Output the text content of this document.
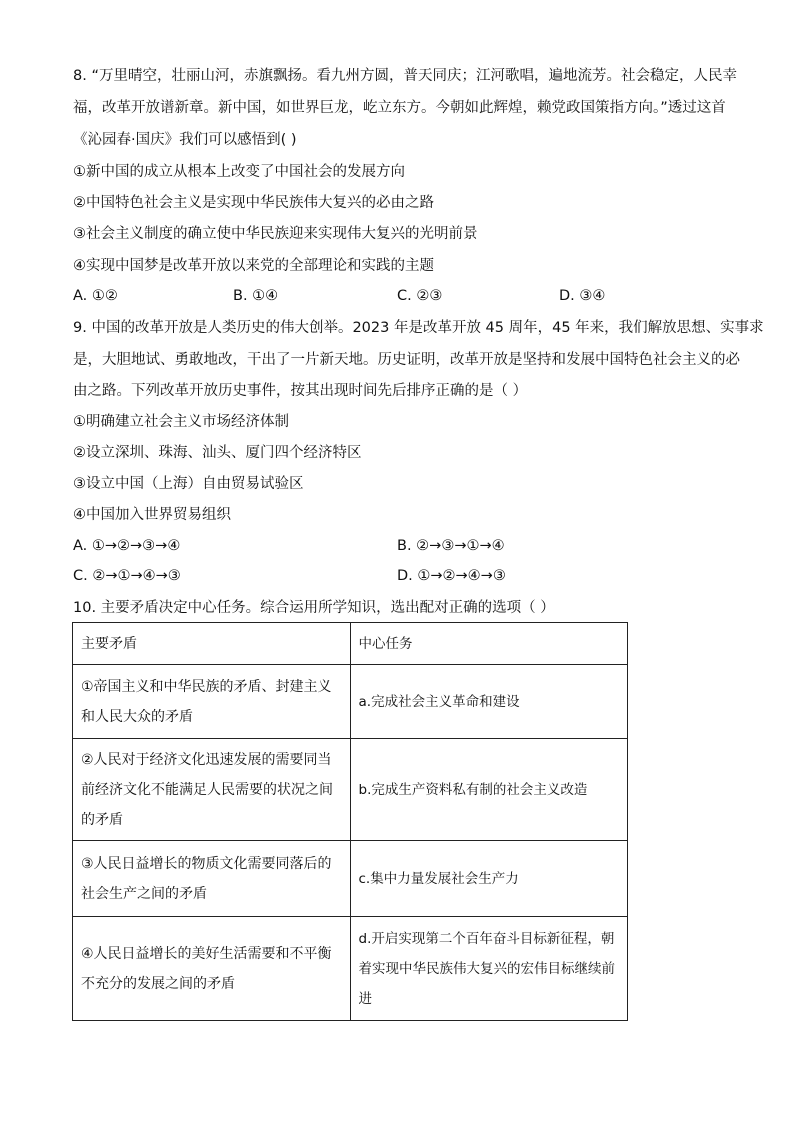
8. “万里晴空，壮丽山河，赤旗飘扬。看九州方圆，普天同庆；江河歌唱，遍地流芳。社会稳定，人民幸
福，改革开放谱新章。新中国，如世界巨龙，屹立东方。今朝如此辉煌，赖党政国策指方向。”透过这首
《沁园春·国庆》我们可以感悟到( )
①新中国的成立从根本上改变了中国社会的发展方向
②中国特色社会主义是实现中华民族伟大复兴的必由之路
③社会主义制度的确立使中华民族迎来实现伟大复兴的光明前景
④实现中国梦是改革开放以来党的全部理论和实践的主题
A. ①②	B. ①④	C. ②③	D. ③④
9. 中国的改革开放是人类历史的伟大创举。2023 年是改革开放 45 周年，45 年来，我们解放思想、实事求
是，大胆地试、勇敢地改，干出了一片新天地。历史证明，改革开放是坚持和发展中国特色社会主义的必
由之路。下列改革开放历史事件，按其出现时间先后排序正确的是（ ）
①明确建立社会主义市场经济体制
②设立深圳、珠海、汕头、厦门四个经济特区
③设立中国（上海）自由贸易试验区
④中国加入世界贸易组织
A. ①→②→③→④	B. ②→③→①→④
C. ②→①→④→③	D. ①→②→④→③
10. 主要矛盾决定中心任务。综合运用所学知识，选出配对正确的选项（ ）
主要矛盾	中心任务
①帝国主义和中华民族的矛盾、封建主义和人民大众的矛盾	a.完成社会主义革命和建设
②人民对于经济文化迅速发展的需要同当前经济文化不能满足人民需要的状况之间的矛盾	b.完成生产资料私有制的社会主义改造
③人民日益增长的物质文化需要同落后的社会生产之间的矛盾	c.集中力量发展社会生产力
④人民日益增长的美好生活需要和不平衡不充分的发展之间的矛盾	d.开启实现第二个百年奋斗目标新征程，朝着实现中华民族伟大复兴的宏伟目标继续前进
